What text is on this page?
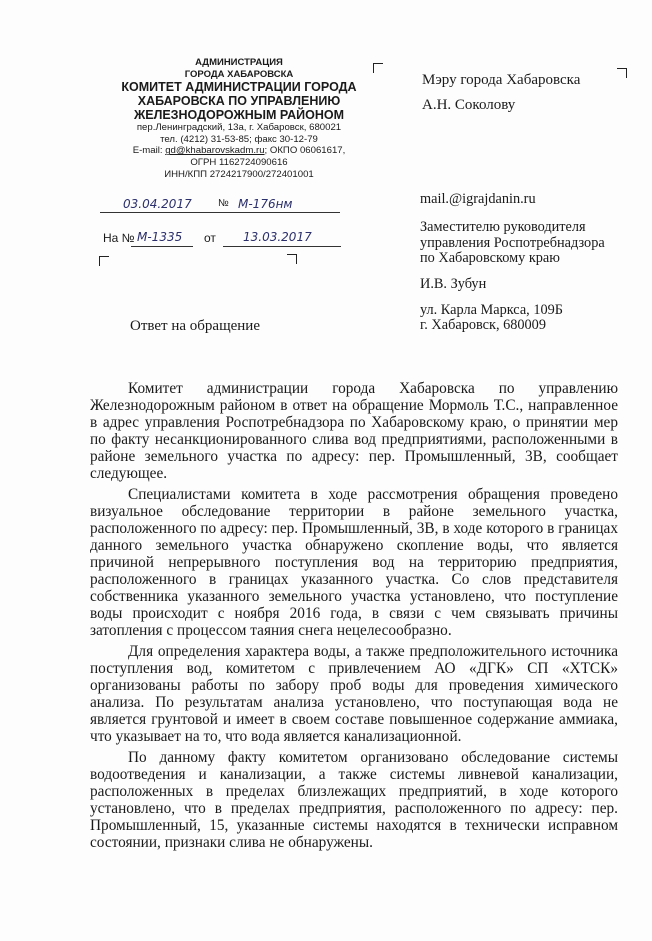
АДМИНИСТРАЦИЯ
ГОРОДА ХАБАРОВСКА
КОМИТЕТ АДМИНИСТРАЦИИ ГОРОДА
ХАБАРОВСКА ПО УПРАВЛЕНИЮ
ЖЕЛЕЗНОДОРОЖНЫМ РАЙОНОМ
пер.Ленинградский, 13а, г. Хабаровск, 680021
тел. (4212) 31-53-85; факс 30-12-79
E-mail: gd@khabarovskadm.ru; ОКПО 06061617,
ОГРН 1162724090616
ИНН/КПП 2724217900/272401001
03.04.2017	№ М-176нм
На № М-1335 от 13.03.2017
Мэру города Хабаровска
А.Н. Соколову
mail.@igrajdanin.ru
Заместителю руководителя
управления Роспотребнадзора
по Хабаровскому краю
И.В. Зубун
ул. Карла Маркса, 109Б
г. Хабаровск, 680009
Ответ на обращение

Комитет администрации города Хабаровска по управлению Железнодорожным районом в ответ на обращение Мормоль Т.С., направленное в адрес управления Роспотребнадзора по Хабаровскому краю, о принятии мер по факту несанкционированного слива вод предприятиями, расположенными в районе земельного участка по адресу: пер. Промышленный, 3В, сообщает следующее.

Специалистами комитета в ходе рассмотрения обращения проведено визуальное обследование территории в районе земельного участка, расположенного по адресу: пер. Промышленный, 3В, в ходе которого в границах данного земельного участка обнаружено скопление воды, что является причиной непрерывного поступления вод на территорию предприятия, расположенного в границах указанного участка. Со слов представителя собственника указанного земельного участка установлено, что поступление воды происходит с ноября 2016 года, в связи с чем связывать причины затопления с процессом таяния снега нецелесообразно.

Для определения характера воды, а также предположительного источника поступления вод, комитетом с привлечением АО «ДГК» СП «ХТСК» организованы работы по забору проб воды для проведения химического анализа. По результатам анализа установлено, что поступающая вода не является грунтовой и имеет в своем составе повышенное содержание аммиака, что указывает на то, что вода является канализационной.

По данному факту комитетом организовано обследование системы водоотведения и канализации, а также системы ливневой канализации, расположенных в пределах близлежащих предприятий, в ходе которого установлено, что в пределах предприятия, расположенного по адресу: пер. Промышленный, 15, указанные системы находятся в технически исправном состоянии, признаки слива не обнаружены.
